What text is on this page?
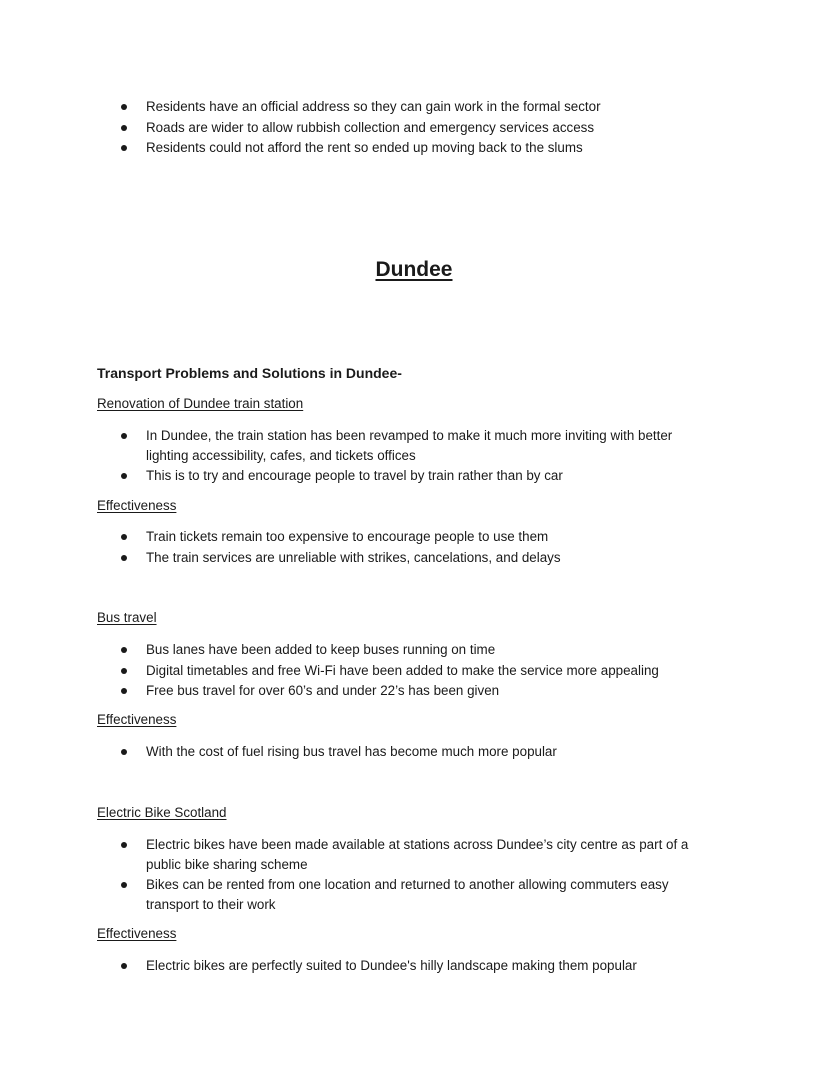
Residents have an official address so they can gain work in the formal sector
Roads are wider to allow rubbish collection and emergency services access
Residents could not afford the rent so ended up moving back to the slums
Dundee
Transport Problems and Solutions in Dundee-
Renovation of Dundee train station
In Dundee, the train station has been revamped to make it much more inviting with better lighting accessibility, cafes, and tickets offices
This is to try and encourage people to travel by train rather than by car
Effectiveness
Train tickets remain too expensive to encourage people to use them
The train services are unreliable with strikes, cancelations, and delays
Bus travel
Bus lanes have been added to keep buses running on time
Digital timetables and free Wi-Fi have been added to make the service more appealing
Free bus travel for over 60’s and under 22’s has been given
Effectiveness
With the cost of fuel rising bus travel has become much more popular
Electric Bike Scotland
Electric bikes have been made available at stations across Dundee’s city centre as part of a public bike sharing scheme
Bikes can be rented from one location and returned to another allowing commuters easy transport to their work
Effectiveness
Electric bikes are perfectly suited to Dundee's hilly landscape making them popular
